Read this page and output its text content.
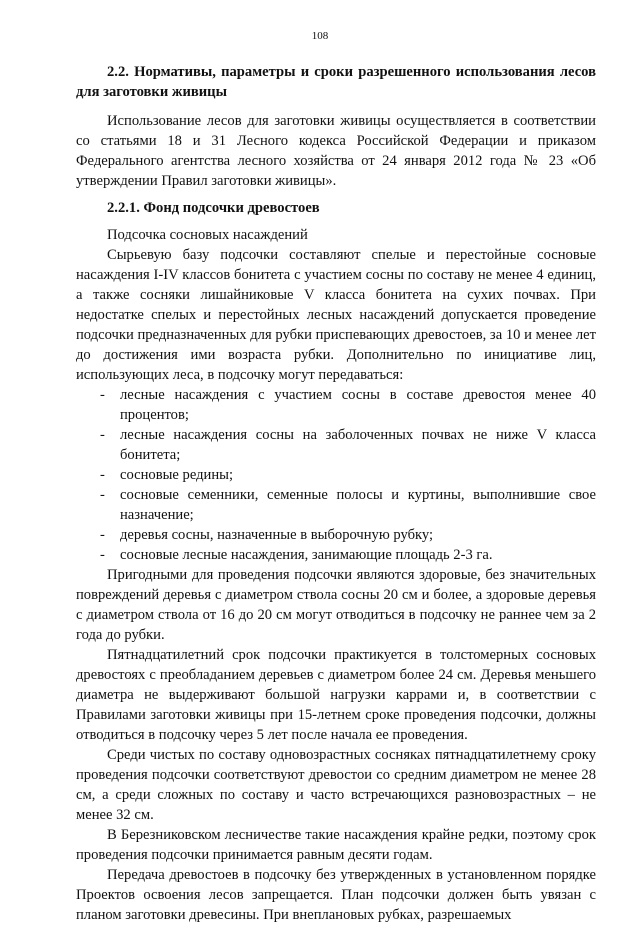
108

2.2. Нормативы, параметры и сроки разрешенного использования лесов для заготовки живицы

Использование лесов для заготовки живицы осуществляется в соответствии со статьями 18 и 31 Лесного кодекса Российской Федерации и приказом Федерального агентства лесного хозяйства от 24 января 2012 года № 23 «Об утверждении Правил заготовки живицы».

2.2.1. Фонд подсочки древостоев

Подсочка сосновых насаждений

Сырьевую базу подсочки составляют спелые и перестойные сосновые насаждения I-IV классов бонитета с участием сосны по составу не менее 4 единиц, а также сосняки лишайниковые V класса бонитета на сухих почвах. При недостатке спелых и перестойных лесных насаждений допускается проведение подсочки предназначенных для рубки приспевающих древостоев, за 10 и менее лет до достижения ими возраста рубки. Дополнительно по инициативе лиц, использующих леса, в подсочку могут передаваться:

- лесные насаждения с участием сосны в составе древостоя менее 40 процентов;
- лесные насаждения сосны на заболоченных почвах не ниже V класса бонитета;
- сосновые редины;
- сосновые семенники, семенные полосы и куртины, выполнившие свое назначение;
- деревья сосны, назначенные в выборочную рубку;
- сосновые лесные насаждения, занимающие площадь 2-3 га.

Пригодными для проведения подсочки являются здоровые, без значительных повреждений деревья с диаметром ствола сосны 20 см и более, а здоровые деревья с диаметром ствола от 16 до 20 см могут отводиться в подсочку не раннее чем за 2 года до рубки.

Пятнадцатилетний срок подсочки практикуется в толстомерных сосновых древостоях с преобладанием деревьев с диаметром более 24 см. Деревья меньшего диаметра не выдерживают большой нагрузки каррами и, в соответствии с Правилами заготовки живицы при 15-летнем сроке проведения подсочки, должны отводиться в подсочку через 5 лет после начала ее проведения.

Среди чистых по составу одновозрастных сосняках пятнадцатилетнему сроку проведения подсочки соответствуют древостои со средним диаметром не менее 28 см, а среди сложных по составу и часто встречающихся разновозрастных – не менее 32 см.

В Березниковском лесничестве такие насаждения крайне редки, поэтому срок проведения подсочки принимается равным десяти годам.

Передача древостоев в подсочку без утвержденных в установленном порядке Проектов освоения лесов запрещается. План подсочки должен быть увязан с планом заготовки древесины. При внеплановых рубках, разрешаемых
